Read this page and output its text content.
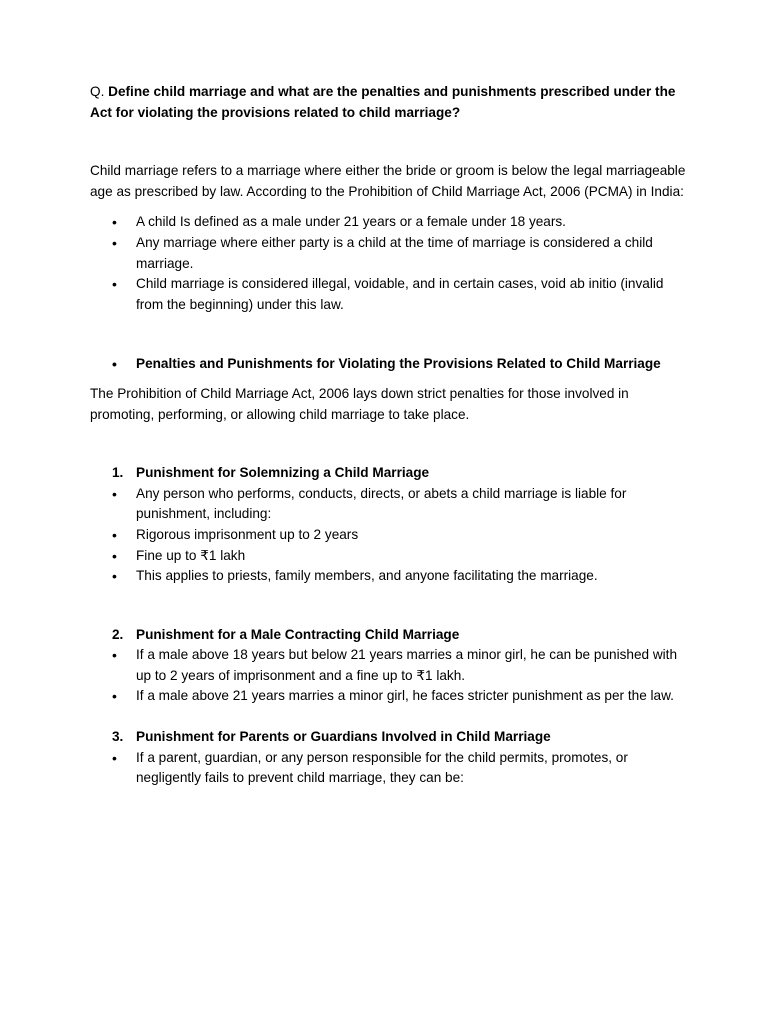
Q. Define child marriage and what are the penalties and punishments prescribed under the Act for violating the provisions related to child marriage?

Child marriage refers to a marriage where either the bride or groom is below the legal marriageable age as prescribed by law. According to the Prohibition of Child Marriage Act, 2006 (PCMA) in India:

• A child Is defined as a male under 21 years or a female under 18 years.
• Any marriage where either party is a child at the time of marriage is considered a child marriage.
• Child marriage is considered illegal, voidable, and in certain cases, void ab initio (invalid from the beginning) under this law.
• Penalties and Punishments for Violating the Provisions Related to Child Marriage

The Prohibition of Child Marriage Act, 2006 lays down strict penalties for those involved in promoting, performing, or allowing child marriage to take place.

1. Punishment for Solemnizing a Child Marriage

• Any person who performs, conducts, directs, or abets a child marriage is liable for punishment, including:
• Rigorous imprisonment up to 2 years
• Fine up to ₹1 lakh
• This applies to priests, family members, and anyone facilitating the marriage.

2. Punishment for a Male Contracting Child Marriage

• If a male above 18 years but below 21 years marries a minor girl, he can be punished with up to 2 years of imprisonment and a fine up to ₹1 lakh.
• If a male above 21 years marries a minor girl, he faces stricter punishment as per the law.

3. Punishment for Parents or Guardians Involved in Child Marriage

• If a parent, guardian, or any person responsible for the child permits, promotes, or negligently fails to prevent child marriage, they can be:
